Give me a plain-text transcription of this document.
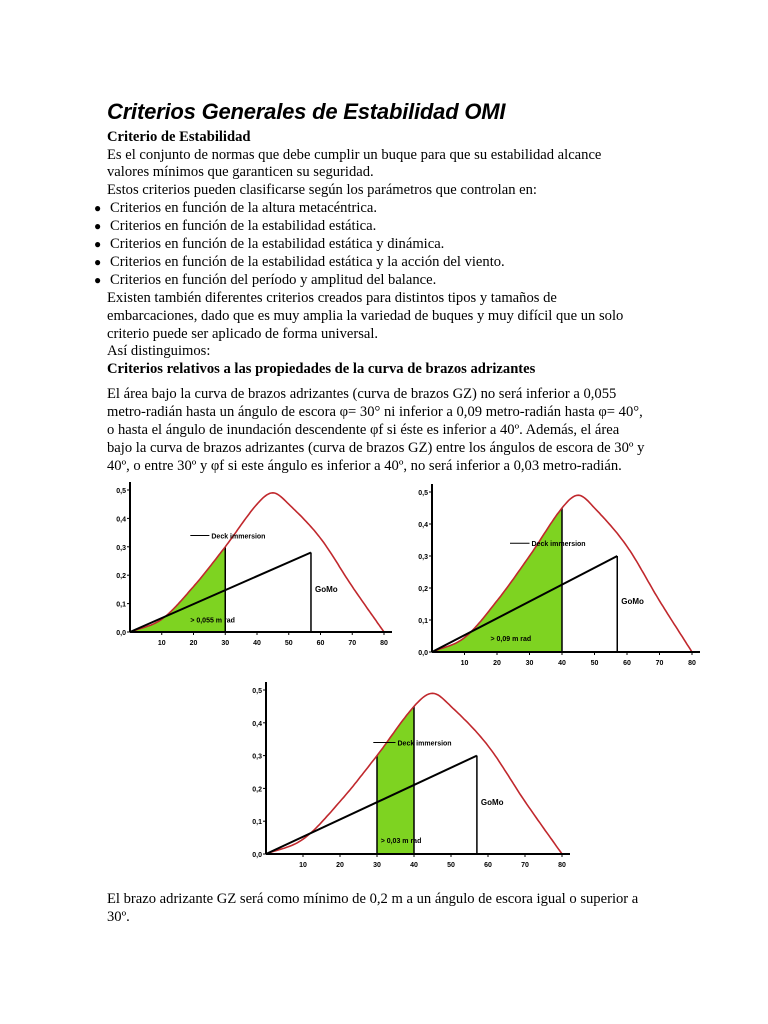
Criterios Generales de Estabilidad OMI
Criterio de Estabilidad
Es el conjunto de normas que debe cumplir un buque para que su estabilidad alcance
valores mínimos que garanticen su seguridad.
Estos criterios pueden clasificarse según los parámetros que controlan en:
● Criterios en función de la altura metacéntrica.
● Criterios en función de la estabilidad estática.
● Criterios en función de la estabilidad estática y dinámica.
● Criterios en función de la estabilidad estática y la acción del viento.
● Criterios en función del período y amplitud del balance.
Existen también diferentes criterios creados para distintos tipos y tamaños de
embarcaciones, dado que es muy amplia la variedad de buques y muy difícil que un solo
criterio puede ser aplicado de forma universal.
Así distinguimos:
Criterios relativos a las propiedades de la curva de brazos adrizantes
El área bajo la curva de brazos adrizantes (curva de brazos GZ) no será inferior a 0,055
metro-radián hasta un ángulo de escora φ= 30° ni inferior a 0,09 metro-radián hasta φ= 40°,
o hasta el ángulo de inundación descendente φf si éste es inferior a 40º. Además, el área
bajo la curva de brazos adrizantes (curva de brazos GZ) entre los ángulos de escora de 30º y
40º, o entre 30º y φf si este ángulo es inferior a 40º, no será inferior a 0,03 metro-radián.
GoMo
10	20	30	40	50	60	70	80
0,0
0,1
0,2
0,3
0,4
0,5
Deck immersion
> 0,055 m rad
GoMo
10	20	30	40	50	60	70	80
0,0
0,1
0,2
0,3
0,4
0,5
Deck immersion
> 0,09 m rad
GoMo
10	20	30	40	50	60	70	80
0,0
0,1
0,2
0,3
0,4
0,5
Deck immersion
> 0,03 m rad
El brazo adrizante GZ será como mínimo de 0,2 m a un ángulo de escora igual o superior a
30º.
